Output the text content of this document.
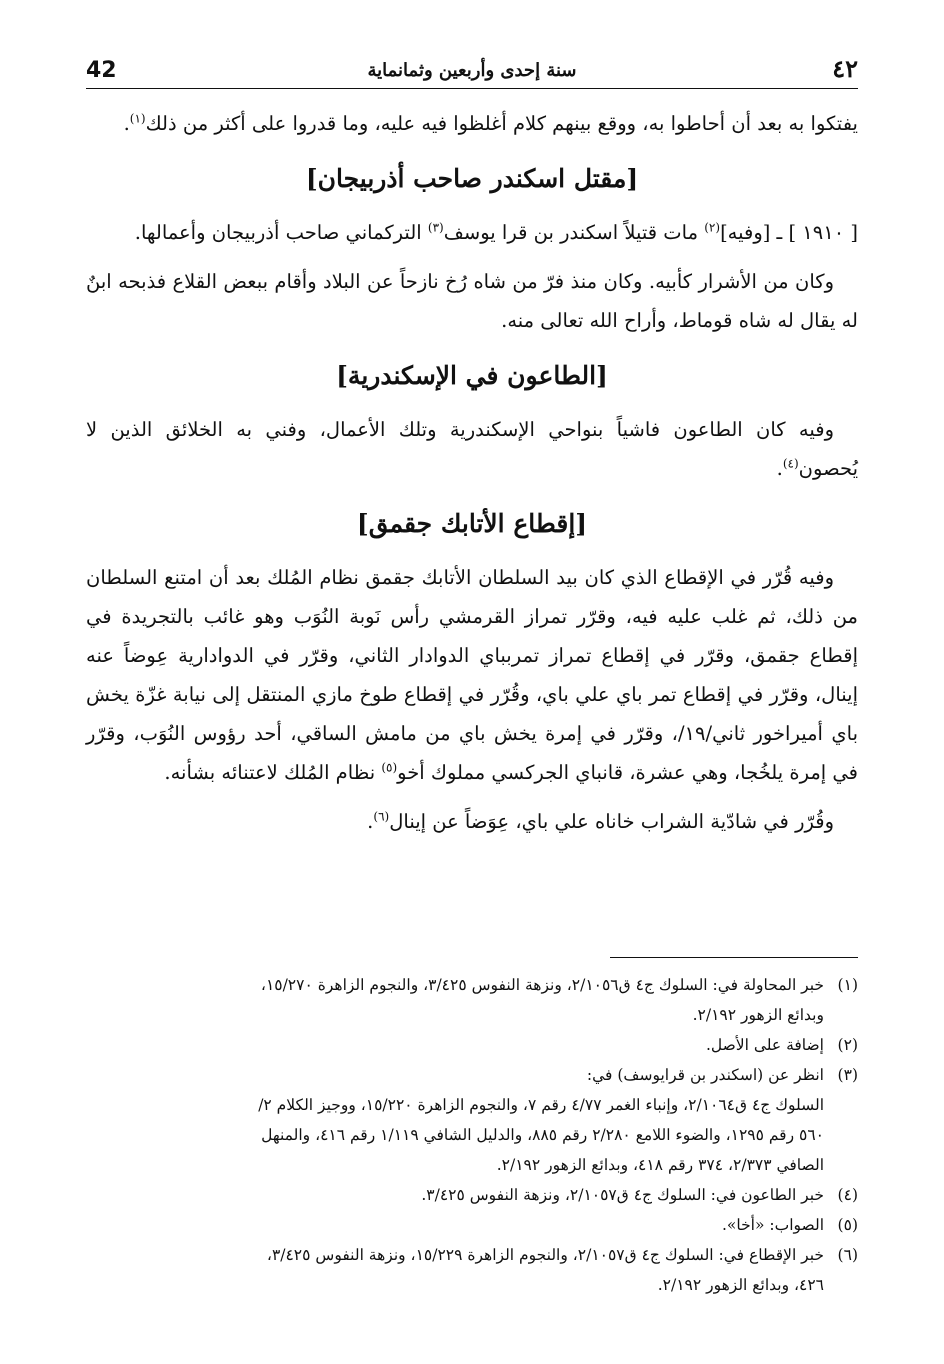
42	سنة إحدى وأربعين وثمانماية	٤٢

يفتكوا به بعد أن أحاطوا به، ووقع بينهم كلام أغلظوا فيه عليه، وما قدروا على أكثر من ذلك$^{(١)}$.

[مقتل اسكندر صاحب أذربيجان]

[ ١٩١٠ ] ـ [وفيه]$^{(٢)}$ مات قتيلاً اسكندر بن قرا يوسف$^{(٣)}$ التركماني صاحب أذربيجان وأعمالها.

وكان من الأشرار كأبيه. وكان منذ فرّ من شاه رُخ نازحاً عن البلاد وأقام ببعض القلاع فذبحه ابنٌ له يقال له شاه قوماط، وأراح الله تعالى منه.

[الطاعون في الإسكندرية]

وفيه كان الطاعون فاشياً بنواحي الإسكندرية وتلك الأعمال، وفني به الخلائق الذين لا يُحصون$^{(٤)}$.

[إقطاع الأتابك جقمق]

وفيه قُرّر في الإقطاع الذي كان بيد السلطان الأتابك جقمق نظام المُلك بعد أن امتنع السلطان من ذلك، ثم غلب عليه فيه، وقرّر تمراز القرمشي رأس نَوبة النُوَب وهو غائب بالتجريدة في إقطاع جقمق، وقرّر في إقطاع تمراز تمربباي الدوادار الثاني، وقرّر في الدوادارية عِوضاً عنه إينال، وقرّر في إقطاع تمر باي علي باي، وقُرّر في إقطاع طوخ مازي المنتقل إلى نيابة غزّة يخش باي أميراخور ثاني/١٩/، وقرّر في إمرة يخش باي من مامش الساقي، أحد رؤوس النُوَب، وقرّر في إمرة يلخُجا، وهي عشرة، قانباي الجركسي مملوك أخو$^{(٥)}$ نظام المُلك لاعتنائه بشأنه.

وقُرّر في شادّية الشراب خاناه علي باي، عِوَضاً عن إينال$^{(٦)}$.

(١)
خبر المحاولة في: السلوك ج٤ ق٢/١٠٥٦، ونزهة النفوس ٣/٤٢٥، والنجوم الزاهرة ١٥/٢٧٠،
وبدائع الزهور ٢/١٩٢.
(٢)
إضافة على الأصل.
(٣)
انظر عن (اسكندر بن قرايوسف) في:
السلوك ج٤ ق٢/١٠٦٤، وإنباء الغمر ٤/٧٧ رقم ٧، والنجوم الزاهرة ١٥/٢٢٠، ووجيز الكلام ٢/
٥٦٠ رقم ١٢٩٥، والضوء اللامع ٢/٢٨٠ رقم ٨٨٥، والدليل الشافي ١/١١٩ رقم ٤١٦، والمنهل
الصافي ٢/٣٧٣، ٣٧٤ رقم ٤١٨، وبدائع الزهور ٢/١٩٢.
(٤)
خبر الطاعون في: السلوك ج٤ ق٢/١٠٥٧، ونزهة النفوس ٣/٤٢٥.
(٥)
الصواب: «أخا».
(٦)
خبر الإقطاع في: السلوك ج٤ ق٢/١٠٥٧، والنجوم الزاهرة ١٥/٢٢٩، ونزهة النفوس ٣/٤٢٥،
٤٢٦، وبدائع الزهور ٢/١٩٢.
